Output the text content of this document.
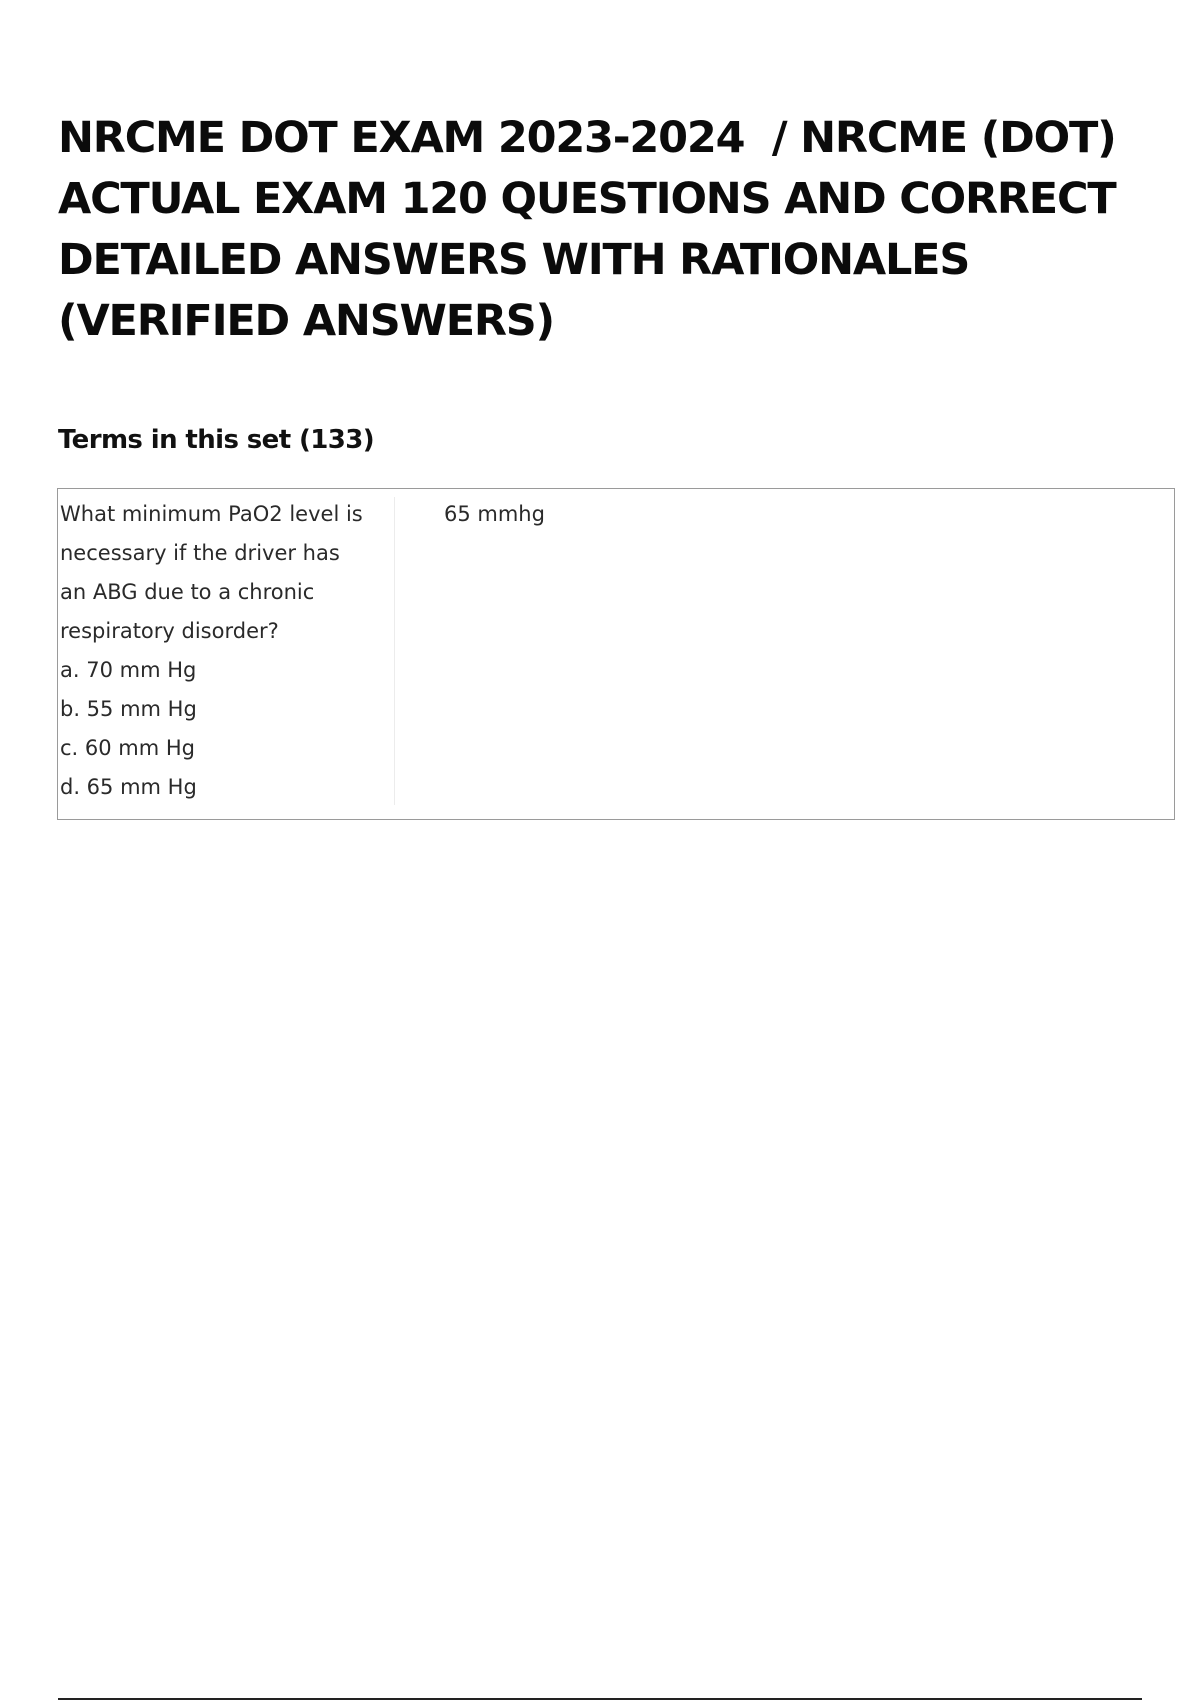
NRCME DOT EXAM 2023-2024  / NRCME (DOT)
ACTUAL EXAM 120 QUESTIONS AND CORRECT
DETAILED ANSWERS WITH RATIONALES
(VERIFIED ANSWERS)
Terms in this set (133)
What minimum PaO2 level is
necessary if the driver has
an ABG due to a chronic
respiratory disorder?
a. 70 mm Hg
b. 55 mm Hg
c. 60 mm Hg
d. 65 mm Hg
65 mmhg
